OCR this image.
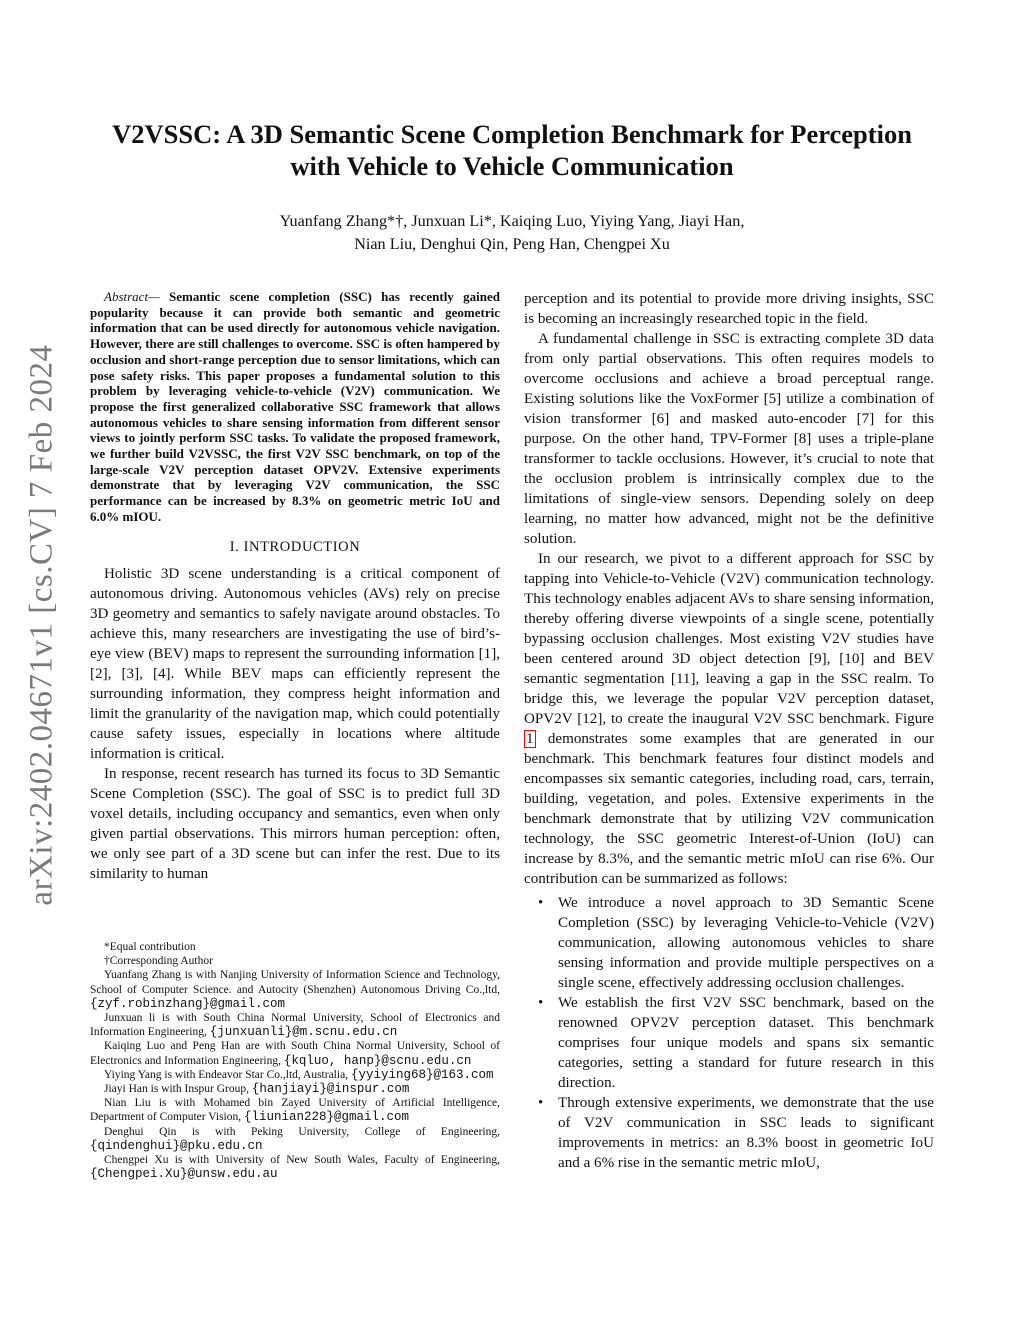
arXiv:2402.04671v1 [cs.CV] 7 Feb 2024
V2VSSC: A 3D Semantic Scene Completion Benchmark for Perception
with Vehicle to Vehicle Communication
Yuanfang Zhang*†, Junxuan Li*, Kaiqing Luo, Yiying Yang, Jiayi Han,
Nian Liu, Denghui Qin, Peng Han, Chengpei Xu

Abstract— Semantic scene completion (SSC) has recently gained popularity because it can provide both semantic and geometric information that can be used directly for autonomous vehicle navigation. However, there are still challenges to overcome. SSC is often hampered by occlusion and short-range perception due to sensor limitations, which can pose safety risks. This paper proposes a fundamental solution to this problem by leveraging vehicle-to-vehicle (V2V) communication. We propose the first generalized collaborative SSC framework that allows autonomous vehicles to share sensing information from different sensor views to jointly perform SSC tasks. To validate the proposed framework, we further build V2VSSC, the first V2V SSC benchmark, on top of the large-scale V2V perception dataset OPV2V. Extensive experiments demonstrate that by leveraging V2V communication, the SSC performance can be increased by 8.3% on geometric metric IoU and 6.0% mIOU.

I. INTRODUCTION

Holistic 3D scene understanding is a critical component of autonomous driving. Autonomous vehicles (AVs) rely on precise 3D geometry and semantics to safely navigate around obstacles. To achieve this, many researchers are investigating the use of bird’s-eye view (BEV) maps to represent the surrounding information [1], [2], [3], [4]. While BEV maps can efficiently represent the surrounding information, they compress height information and limit the granularity of the navigation map, which could potentially cause safety issues, especially in locations where altitude information is critical.

In response, recent research has turned its focus to 3D Semantic Scene Completion (SSC). The goal of SSC is to predict full 3D voxel details, including occupancy and semantics, even when only given partial observations. This mirrors human perception: often, we only see part of a 3D scene but can infer the rest. Due to its similarity to human

*Equal contribution

†Corresponding Author

Yuanfang Zhang is with Nanjing University of Information Science and Technology, School of Computer Science. and Autocity (Shenzhen) Autonomous Driving Co.,ltd,{zyf.robinzhang}@gmail.com

Junxuan li is with South China Normal University, School of Electronics and Information Engineering, {junxuanli}@m.scnu.edu.cn

Kaiqing Luo and Peng Han are with South China Normal University, School of Electronics and Information Engineering, {kqluo, hanp}@scnu.edu.cn

Yiying Yang is with Endeavor Star Co.,ltd, Australia, {yyiying68}@163.com

Jiayi Han is with Inspur Group, {hanjiayi}@inspur.com

Nian Liu is with Mohamed bin Zayed University of Artificial Intelligence, Department of Computer Vision, {liunian228}@gmail.com

Denghui Qin is with Peking University, College of Engineering, {qindenghui}@pku.edu.cn

Chengpei Xu is with University of New South Wales, Faculty of Engineering, {Chengpei.Xu}@unsw.edu.au

perception and its potential to provide more driving insights, SSC is becoming an increasingly researched topic in the field.

A fundamental challenge in SSC is extracting complete 3D data from only partial observations. This often requires models to overcome occlusions and achieve a broad perceptual range. Existing solutions like the VoxFormer [5] utilize a combination of vision transformer [6] and masked auto-encoder [7] for this purpose. On the other hand, TPV-Former [8] uses a triple-plane transformer to tackle occlusions. However, it’s crucial to note that the occlusion problem is intrinsically complex due to the limitations of single-view sensors. Depending solely on deep learning, no matter how advanced, might not be the definitive solution.

In our research, we pivot to a different approach for SSC by tapping into Vehicle-to-Vehicle (V2V) communication technology. This technology enables adjacent AVs to share sensing information, thereby offering diverse viewpoints of a single scene, potentially bypassing occlusion challenges. Most existing V2V studies have been centered around 3D object detection [9], [10] and BEV semantic segmentation [11], leaving a gap in the SSC realm. To bridge this, we leverage the popular V2V perception dataset, OPV2V [12], to create the inaugural V2V SSC benchmark. Figure 1 demonstrates some examples that are generated in our benchmark. This benchmark features four distinct models and encompasses six semantic categories, including road, cars, terrain, building, vegetation, and poles. Extensive experiments in the benchmark demonstrate that by utilizing V2V communication technology, the SSC geometric Interest-of-Union (IoU) can increase by 8.3%, and the semantic metric mIoU can rise 6%. Our contribution can be summarized as follows:

• We introduce a novel approach to 3D Semantic Scene Completion (SSC) by leveraging Vehicle-to-Vehicle (V2V) communication, allowing autonomous vehicles to share sensing information and provide multiple perspectives on a single scene, effectively addressing occlusion challenges.
• We establish the first V2V SSC benchmark, based on the renowned OPV2V perception dataset. This benchmark comprises four unique models and spans six semantic categories, setting a standard for future research in this direction.
• Through extensive experiments, we demonstrate that the use of V2V communication in SSC leads to significant improvements in metrics: an 8.3% boost in geometric IoU and a 6% rise in the semantic metric mIoU,
